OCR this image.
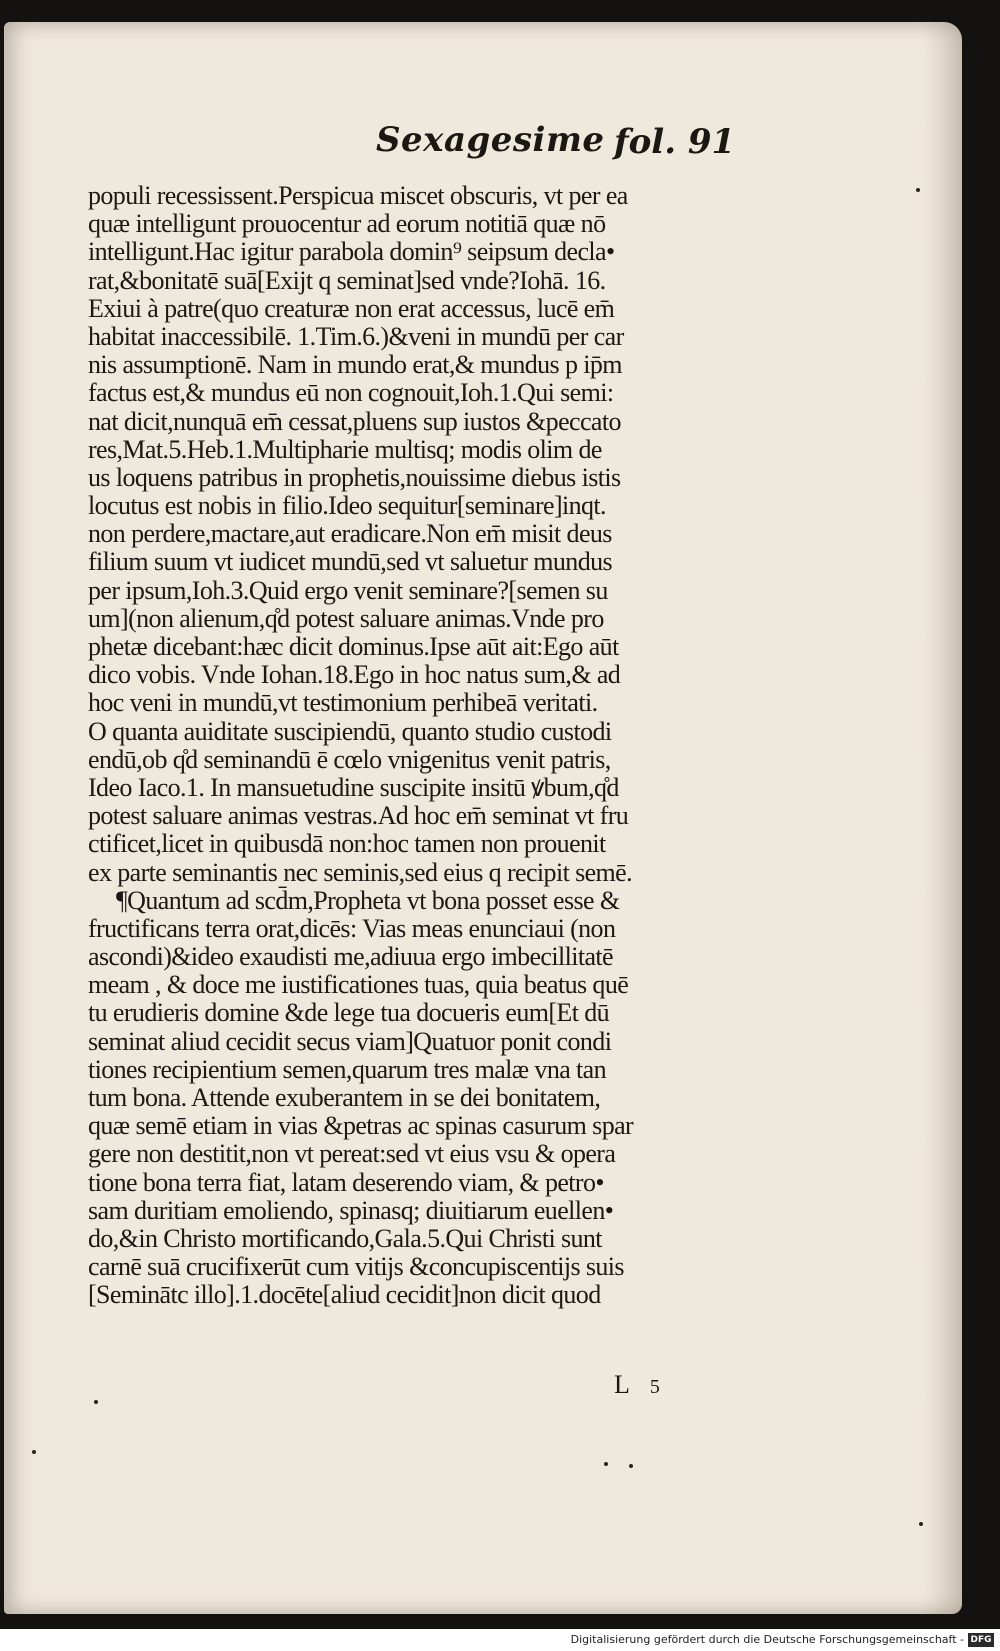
Sexagesime fol. 91
populi recessissent.Perspicua miscet obscuris, vt per ea
quæ intelligunt prouocentur ad eorum notitiā quæ nō
intelligunt.Hac igitur parabola domin⁹ seipsum decla•
rat,&bonitatē suā[Exijt q seminat]sed vnde?Iohā. 16.
Exiui à patre(quo creaturæ non erat accessus, lucē em̄
habitat inaccessibilē. 1.Tim.6.)&veni in mundū per car
nis assumptionē. Nam in mundo erat,& mundus p ip̄m
factus est,& mundus eū non cognouit,Ioh.1.Qui semi:
nat dicit,nunquā em̄ cessat,pluens sup iustos &peccato
res,Mat.5.Heb.1.Multipharie multisq; modis olim de
us loquens patribus in prophetis,nouissime diebus istis
locutus est nobis in filio.Ideo sequitur[seminare]inqt.
non perdere,mactare,aut eradicare.Non em̄ misit deus
filium suum vt iudicet mundū,sed vt saluetur mundus
per ipsum,Ioh.3.Quid ergo venit seminare?[semen su
um](non alienum,q̊d potest saluare animas.Vnde pro
phetæ dicebant:hæc dicit dominus.Ipse aūt ait:Ego aūt
dico vobis. Vnde Iohan.18.Ego in hoc natus sum,& ad
hoc veni in mundū,vt testimonium perhibeā veritati.
O quanta auiditate suscipiendū, quanto studio custodi
endū,ob q̊d seminandū ē cœlo vnigenitus venit patris,
Ideo Iaco.1. In mansuetudine suscipite insitū ꝟbum,q̊d
potest saluare animas vestras.Ad hoc em̄ seminat vt fru
ctificet,licet in quibusdā non:hoc tamen non prouenit
ex parte seminantis nec seminis,sed eius q recipit semē.
¶Quantum ad scd̄m,Propheta vt bona posset esse &
fructificans terra orat,dicēs: Vias meas enunciaui (non
ascondi)&ideo exaudisti me,adiuua ergo imbecillitatē
meam , & doce me iustificationes tuas, quia beatus quē
tu erudieris domine &de lege tua docueris eum[Et dū
seminat aliud cecidit secus viam]Quatuor ponit condi
tiones recipientium semen,quarum tres malæ vna tan
tum bona. Attende exuberantem in se dei bonitatem,
quæ semē etiam in vias &petras ac spinas casurum spar
gere non destitit,non vt pereat:sed vt eius vsu & opera
tione bona terra fiat, latam deserendo viam, & petro•
sam duritiam emoliendo, spinasq; diuitiarum euellen•
do,&in Christo mortificando,Gala.5.Qui Christi sunt
carnē suā crucifixerūt cum vitijs &concupiscentijs suis
[Seminātc illo].1.docēte[aliud cecidit]non dicit quod
L 5
Digitalisierung gefördert durch die Deutsche Forschungsgemeinschaft - DFG
